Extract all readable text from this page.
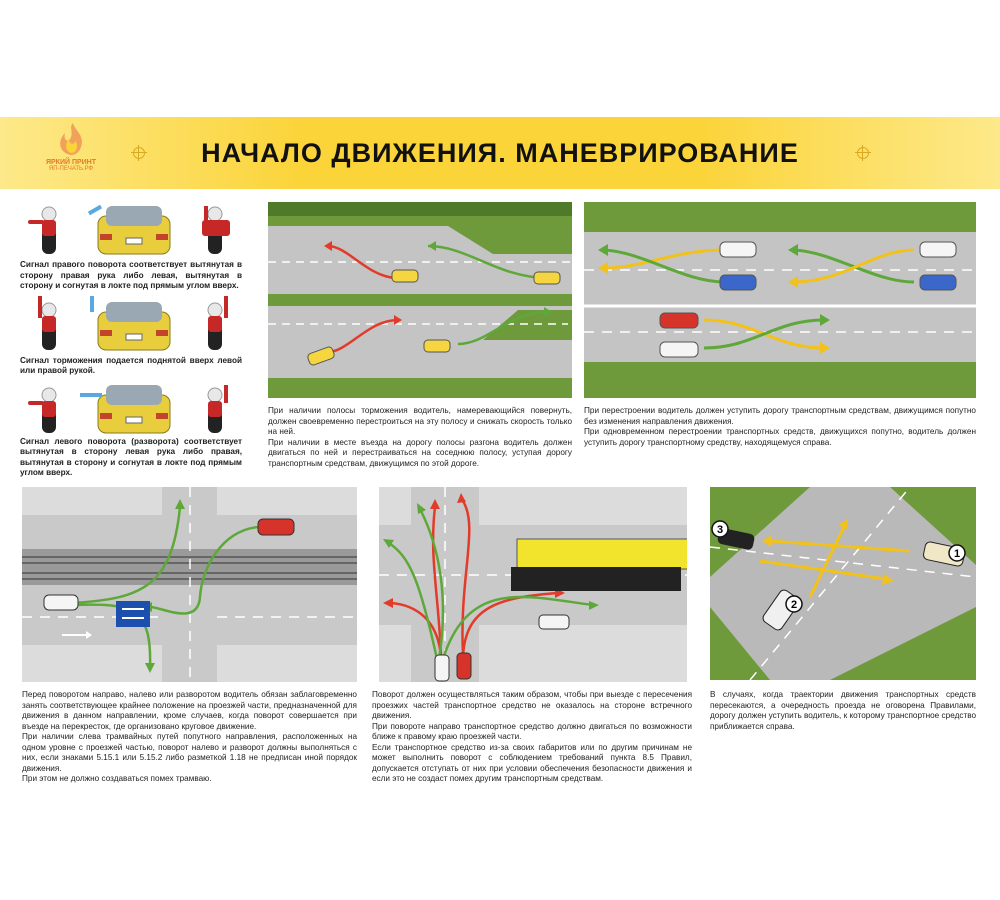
ЯРКИЙ ПРИНТ
ЯП-ПЕЧАТЬ.РФ
НАЧАЛО ДВИЖЕНИЯ. МАНЕВРИРОВАНИЕ
Сигнал правого поворота соответствует вытянутая в сторону правая рука либо левая, вытянутая в сторону и согнутая в локте под прямым углом вверх.
Сигнал торможения подается поднятой вверх левой или правой рукой.
Сигнал левого поворота (разворота) соответствует вытянутая в сторону левая рука либо правая, вытянутая в сторону и согнутая в локте под прямым углом вверх.
При наличии полосы торможения водитель, намеревающийся повернуть, должен своевременно перестроиться на эту полосу и снижать скорость только на ней.
При наличии в месте въезда на дорогу полосы разгона водитель должен двигаться по ней и перестраиваться на соседнюю полосу, уступая дорогу транспортным средствам, движущимся по этой дороге.
При перестроении водитель должен уступить дорогу транспортным средствам, движущимся попутно без изменения направления движения.
При одновременном перестроении транспортных средств, движущихся попутно, водитель должен уступить дорогу транспортному средству, находящемуся справа.
Перед поворотом направо, налево или разворотом водитель обязан заблаговременно занять соответствующее крайнее положение на проезжей части, предназначенной для движения в данном направлении, кроме случаев, когда поворот совершается при въезде на перекресток, где организовано круговое движение.
При наличии слева трамвайных путей попутного направления, расположенных на одном уровне с проезжей частью, поворот налево и разворот должны выполняться с них, если знаками 5.15.1 или 5.15.2 либо разметкой 1.18 не предписан иной порядок движения.
При этом не должно создаваться помех трамваю.
Поворот должен осуществляться таким образом, чтобы при выезде с пересечения проезжих частей транспортное средство не оказалось на стороне встречного движения.
При повороте направо транспортное средство должно двигаться по возможности ближе к правому краю проезжей части.
Если транспортное средство из-за своих габаритов или по другим причинам не может выполнить поворот с соблюдением требований пункта 8.5 Правил, допускается отступать от них при условии обеспечения безопасности движения и если это не создаст помех другим транспортным средствам.
1
2
3
В случаях, когда траектории движения транспортных средств пересекаются, а очередность проезда не оговорена Правилами, дорогу должен уступить водитель, к которому транспортное средство приближается справа.
